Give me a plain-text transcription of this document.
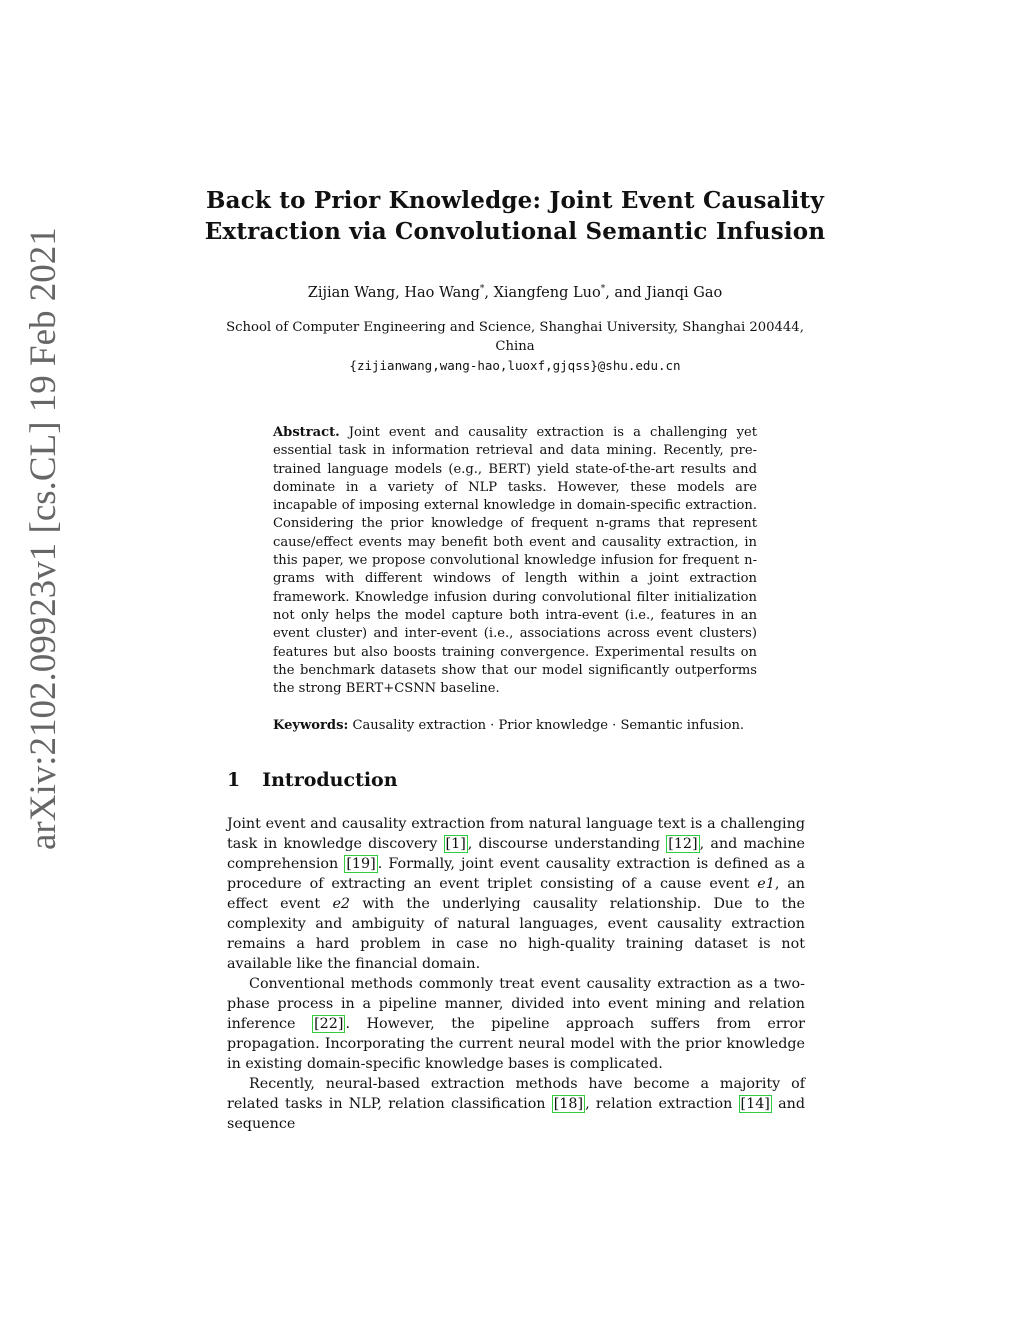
arXiv:2102.09923v1 [cs.CL] 19 Feb 2021
Back to Prior Knowledge: Joint Event Causality
Extraction via Convolutional Semantic Infusion
Zijian Wang, Hao Wang*, Xiangfeng Luo*, and Jianqi Gao
School of Computer Engineering and Science, Shanghai University, Shanghai 200444,
China
{zijianwang,wang-hao,luoxf,gjqss}@shu.edu.cn
Abstract. Joint event and causality extraction is a challenging yet essential task in information retrieval and data mining. Recently, pre-trained language models (e.g., BERT) yield state-of-the-art results and dominate in a variety of NLP tasks. However, these models are incapable of imposing external knowledge in domain-specific extraction. Considering the prior knowledge of frequent n-grams that represent cause/effect events may benefit both event and causality extraction, in this paper, we propose convolutional knowledge infusion for frequent n-grams with different windows of length within a joint extraction framework. Knowledge infusion during convolutional filter initialization not only helps the model capture both intra-event (i.e., features in an event cluster) and inter-event (i.e., associations across event clusters) features but also boosts training convergence. Experimental results on the benchmark datasets show that our model significantly outperforms the strong BERT+CSNN baseline.
Keywords: Causality extraction · Prior knowledge · Semantic infusion.
1 Introduction
Joint event and causality extraction from natural language text is a challenging task in knowledge discovery [1] , discourse understanding [12] , and machine comprehension [19] . Formally, joint event causality extraction is defined as a procedure of extracting an event triplet consisting of a cause event e1, an effect event e2 with the underlying causality relationship. Due to the complexity and ambiguity of natural languages, event causality extraction remains a hard problem in case no high-quality training dataset is not available like the financial domain.
Conventional methods commonly treat event causality extraction as a two-phase process in a pipeline manner, divided into event mining and relation inference [22] . However, the pipeline approach suffers from error propagation. Incorporating the current neural model with the prior knowledge in existing domain-specific knowledge bases is complicated.
Recently, neural-based extraction methods have become a majority of related tasks in NLP, relation classification [18] , relation extraction [14] and sequence
